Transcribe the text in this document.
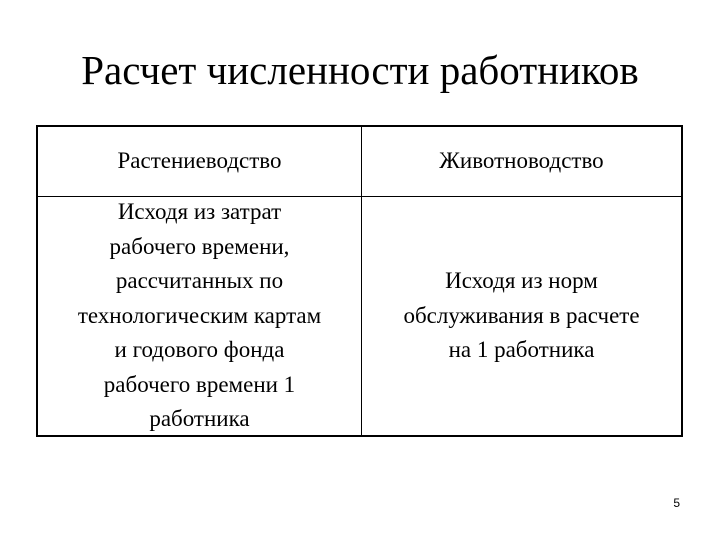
Расчет численности работников
Растениеводство	Животноводство
Исходя из затрат
рабочего времени,
рассчитанных по
технологическим картам
и годового фонда
рабочего времени 1
работника
Исходя из норм
обслуживания в расчете
на 1 работника
5
